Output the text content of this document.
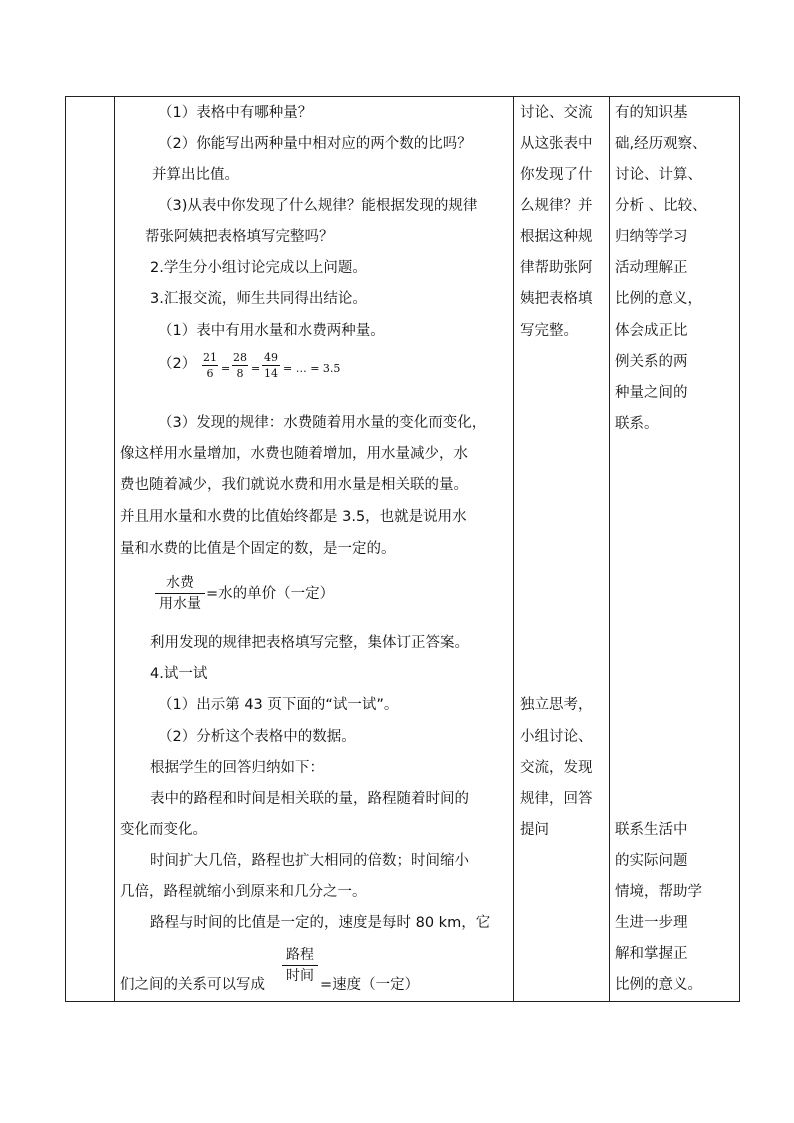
（1）表格中有哪种量？
（2）你能写出两种量中相对应的两个数的比吗？
并算出比值。
（3)从表中你发现了什么规律？能根据发现的规律
帮张阿姨把表格填写完整吗？
2.学生分小组讨论完成以上问题。
3.汇报交流，师生共同得出结论。
（1）表中有用水量和水费两种量。
（2） 21
6 =
28
8 =
49
14 = … = 3.5
（3）发现的规律：水费随着用水量的变化而变化，
像这样用水量增加，水费也随着增加，用水量减少，水
费也随着减少，我们就说水费和用水量是相关联的量。
并且用水量和水费的比值始终都是 3.5，也就是说用水
量和水费的比值是个固定的数，是一定的。
水费
用水量
=水的单价（一定）
利用发现的规律把表格填写完整，集体订正答案。
4.试一试
（1）出示第 43 页下面的“试一试”。
（2）分析这个表格中的数据。
根据学生的回答归纳如下：
表中的路程和时间是相关联的量，路程随着时间的
变化而变化。
时间扩大几倍，路程也扩大相同的倍数；时间缩小
几倍，路程就缩小到原来和几分之一。
路程与时间的比值是一定的，速度是每时 80 km，它
们之间的关系可以写成
路程
时间
=速度（一定）
讨论、交流
从这张表中
你发现了什
么规律？并
根据这种规
律帮助张阿
姨把表格填
写完整。
独立思考，
小组讨论、
交流，发现
规律，回答
提问
有的知识基
础,经历观察、
讨论、计算、
分析 、比较、
归纳等学习
活动理解正
比例的意义，
体会成正比
例关系的两
种量之间的
联系。
联系生活中
的实际问题
情境，帮助学
生进一步理
解和掌握正
比例的意义。
